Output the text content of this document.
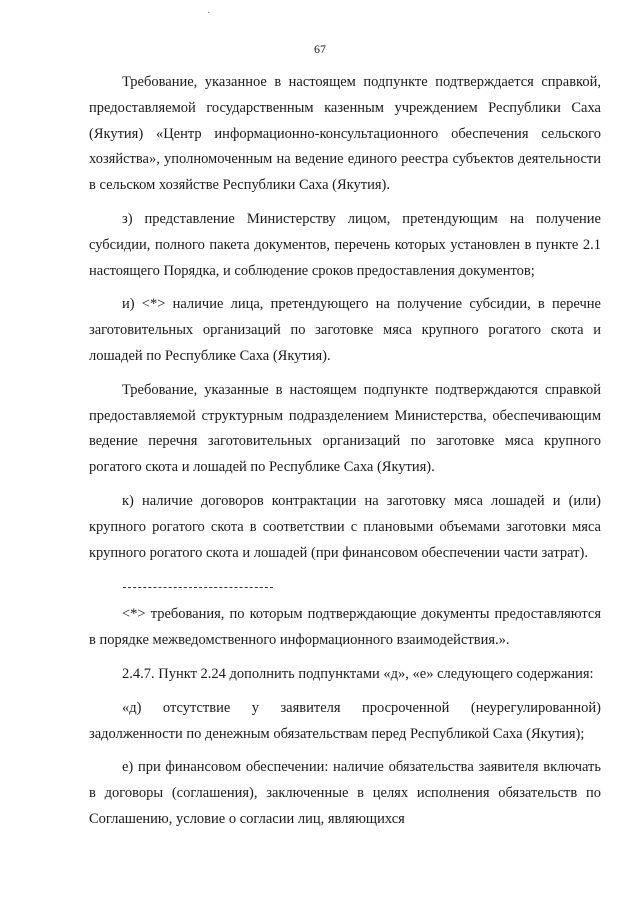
·
67

Требование, указанное в настоящем подпункте подтверждается справкой, предоставляемой государственным казенным учреждением Республики Саха (Якутия) «Центр информационно-консультационного обеспечения сельского хозяйства», уполномоченным на ведение единого реестра субъектов деятельности в сельском хозяйстве Республики Саха (Якутия).

з) представление Министерству лицом, претендующим на получение субсидии, полного пакета документов, перечень которых установлен в пункте 2.1 настоящего Порядка, и соблюдение сроков предоставления документов;

и) <*> наличие лица, претендующего на получение субсидии, в перечне заготовительных организаций по заготовке мяса крупного рогатого скота и лошадей по Республике Саха (Якутия).

Требование, указанные в настоящем подпункте подтверждаются справкой предоставляемой структурным подразделением Министерства, обеспечивающим ведение перечня заготовительных организаций по заготовке мяса крупного рогатого скота и лошадей по Республике Саха (Якутия).

к) наличие договоров контрактации на заготовку мяса лошадей и (или) крупного рогатого скота в соответствии с плановыми объемами заготовки мяса крупного рогатого скота и лошадей (при финансовом обеспечении части затрат).

<*> требования, по которым подтверждающие документы предоставляются в порядке межведомственного информационного взаимодействия.».

2.4.7. Пункт 2.24 дополнить подпунктами «д», «е» следующего содержания:

«д) отсутствие у заявителя просроченной (неурегулированной) задолженности по денежным обязательствам перед Республикой Саха (Якутия);

е) при финансовом обеспечении: наличие обязательства заявителя включать в договоры (соглашения), заключенные в целях исполнения обязательств по Соглашению, условие о согласии лиц, являющихся
